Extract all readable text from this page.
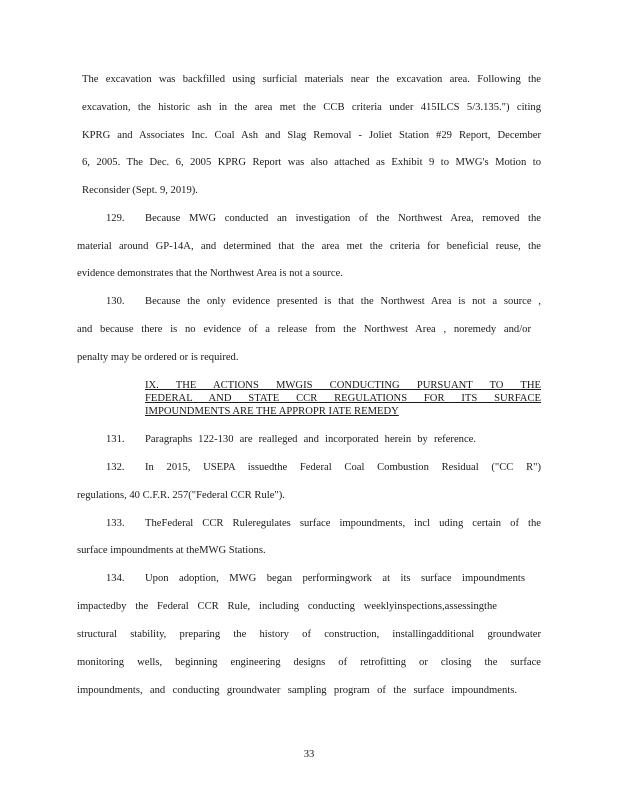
The excavation was backfilled using surficial materials near the excavation area. Following the
excavation, the historic ash in the area met the CCB criteria under 415ILCS 5/3.135.") citing
KPRG and Associates Inc. Coal Ash and Slag Removal - Joliet Station #29 Report, December
6, 2005. The Dec. 6, 2005 KPRG Report was also attached as Exhibit 9 to MWG's Motion to
Reconsider (Sept. 9, 2019).
129.	Because MWG conducted an investigation of the Northwest Area, removed the
material around GP-14A, and determined that the area met the criteria for beneficial reuse, the
evidence demonstrates that the Northwest Area is not a source.
130.	Because the only evidence presented is that the Northwest Area is not a source ,
and because there is no evidence of a release from the Northwest Area , noremedy and/or
penalty may be ordered or is required.
IX. THE ACTIONS MWGIS CONDUCTING PURSUANT TO THE
FEDERAL AND STATE CCR REGULATIONS FOR ITS SURFACE
IMPOUNDMENTS ARE THE APPROPR IATE REMEDY
131.	Paragraphs 122-130 are realleged and incorporated herein by reference.
132.	In 2015, USEPA issuedthe Federal Coal Combustion Residual ("CC R")
regulations, 40 C.F.R. 257("Federal CCR Rule").
133.	TheFederal CCR Ruleregulates surface impoundments, incl uding certain of the
surface impoundments at theMWG Stations.
134.	Upon adoption, MWG began performingwork at its surface impoundments
impactedby the Federal CCR Rule, including conducting weeklyinspections,assessingthe
structural stability, preparing the history of construction, installingadditional groundwater
monitoring wells, beginning engineering designs of retrofitting or closing the surface
impoundments, and conducting groundwater sampling program of the surface impoundments.
33
